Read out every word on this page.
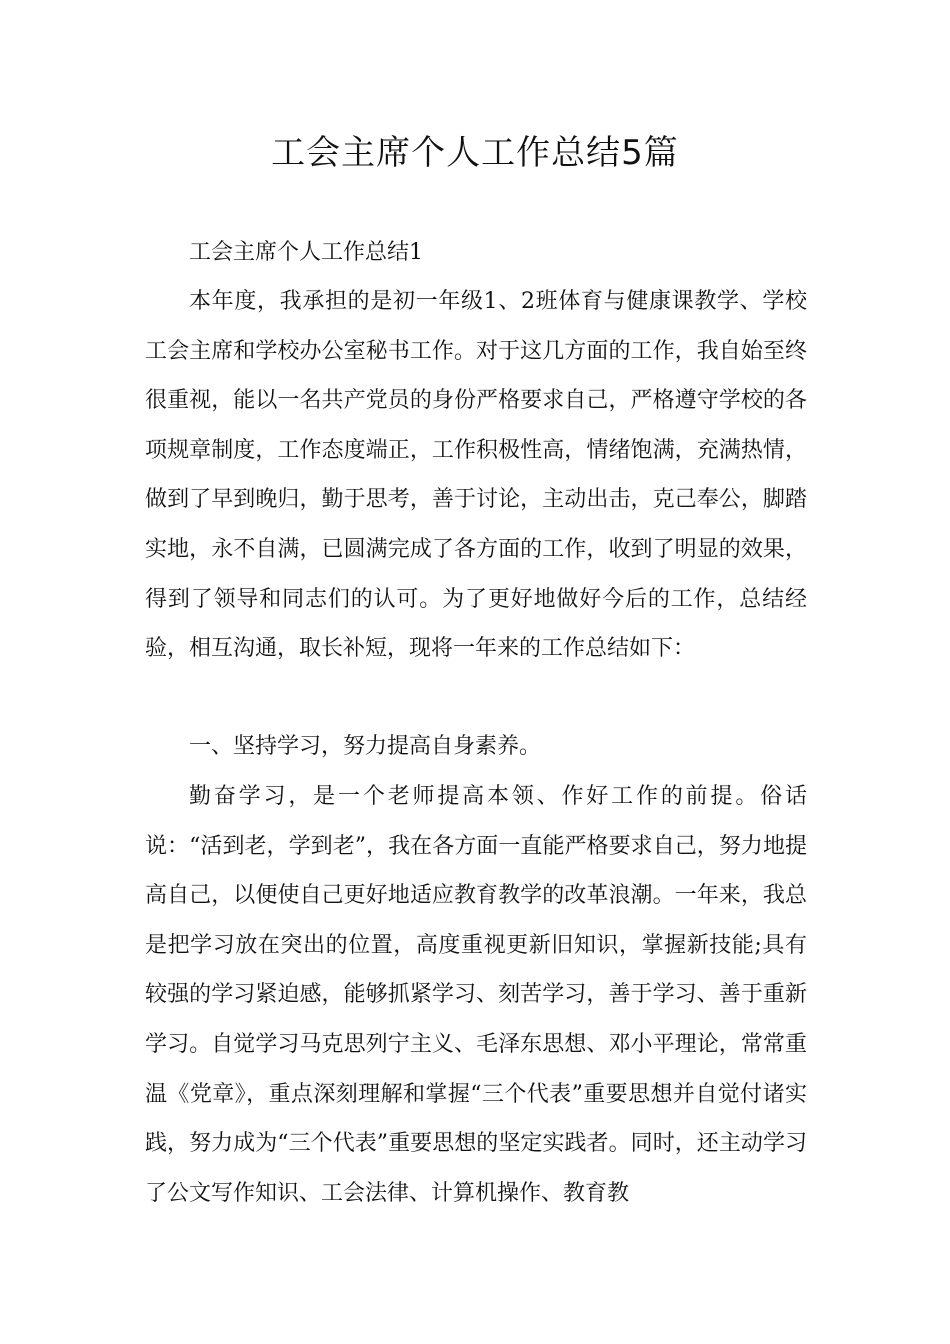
工会主席个人工作总结5篇

工会主席个人工作总结1

本年度，我承担的是初一年级1、2班体育与健康课教学、学校工会主席和学校办公室秘书工作。对于这几方面的工作，我自始至终很重视，能以一名共产党员的身份严格要求自己，严格遵守学校的各项规章制度，工作态度端正，工作积极性高，情绪饱满，充满热情，做到了早到晚归，勤于思考，善于讨论，主动出击，克己奉公，脚踏实地，永不自满，已圆满完成了各方面的工作，收到了明显的效果，得到了领导和同志们的认可。为了更好地做好今后的工作，总结经验，相互沟通，取长补短，现将一年来的工作总结如下：

一、坚持学习，努力提高自身素养。

勤奋学习，是一个老师提高本领、作好工作的前提。俗话说：“活到老，学到老”，我在各方面一直能严格要求自己，努力地提高自己，以便使自己更好地适应教育教学的改革浪潮。一年来，我总是把学习放在突出的位置，高度重视更新旧知识，掌握新技能;具有较强的学习紧迫感，能够抓紧学习、刻苦学习，善于学习、善于重新学习。自觉学习马克思列宁主义、毛泽东思想、邓小平理论，常常重温《党章》，重点深刻理解和掌握“三个代表”重要思想并自觉付诸实践，努力成为“三个代表”重要思想的坚定实践者。同时，还主动学习了公文写作知识、工会法律、计算机操作、教育教
